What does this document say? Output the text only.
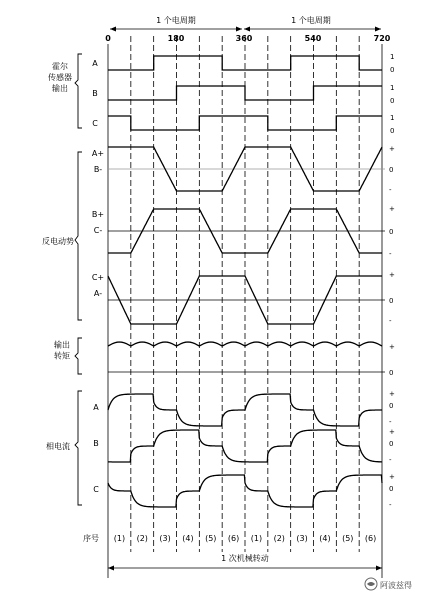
1 个电周期	1 个电周期
0	180	360	540	720
霍尔传感器输出
反电动势
输出转矩
相电流
序号
A
B
C
A+
B-
B+
C-
C+
A-
A
B
C
1
0
1
0
1
0
+
0
-
+
0
-
+
0
-
+
0
+
0
-
+
0
-
+
0
-
(1) (2) (3) (4) (5) (6) (1) (2) (3) (4) (5) (6)
1 次机械转动
阿波兹得
